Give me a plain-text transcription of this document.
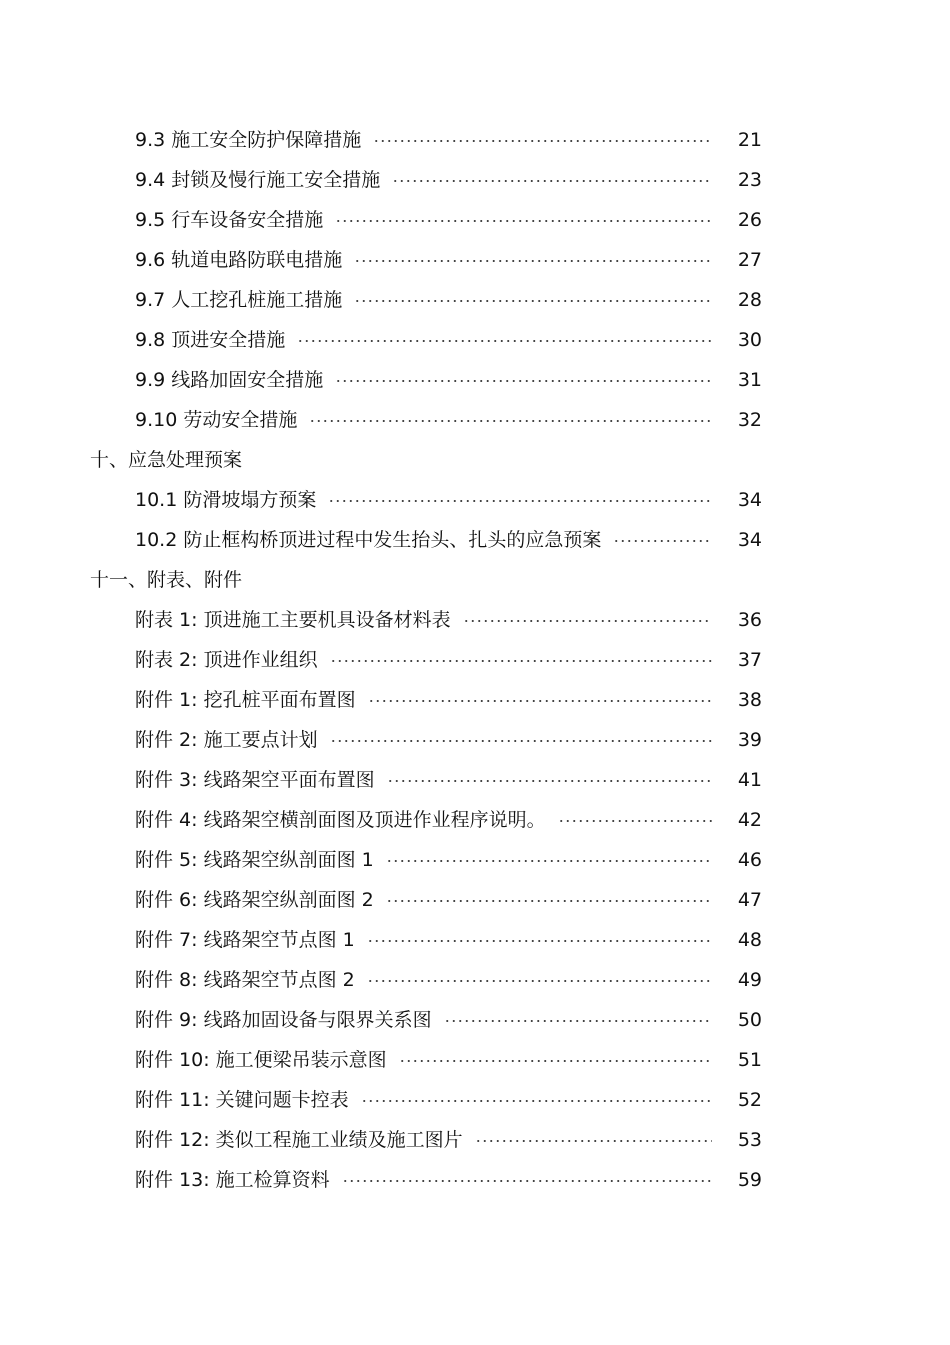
9.3 施工安全防护保障措施	21
9.4 封锁及慢行施工安全措施	23
9.5 行车设备安全措施	26
9.6 轨道电路防联电措施	27
9.7 人工挖孔桩施工措施	28
9.8 顶进安全措施	30
9.9 线路加固安全措施	31
9.10 劳动安全措施	32
十、应急处理预案
10.1 防滑坡塌方预案	34
10.2 防止框构桥顶进过程中发生抬头、扎头的应急预案	34
十一、附表、附件
附表 1: 顶进施工主要机具设备材料表	36
附表 2: 顶进作业组织	37
附件 1: 挖孔桩平面布置图	38
附件 2: 施工要点计划	39
附件 3: 线路架空平面布置图	41
附件 4: 线路架空横剖面图及顶进作业程序说明。	42
附件 5: 线路架空纵剖面图 1	46
附件 6: 线路架空纵剖面图 2	47
附件 7: 线路架空节点图 1	48
附件 8: 线路架空节点图 2	49
附件 9: 线路加固设备与限界关系图	50
附件 10: 施工便梁吊装示意图	51
附件 11: 关键问题卡控表	52
附件 12: 类似工程施工业绩及施工图片	53
附件 13: 施工检算资料	59
